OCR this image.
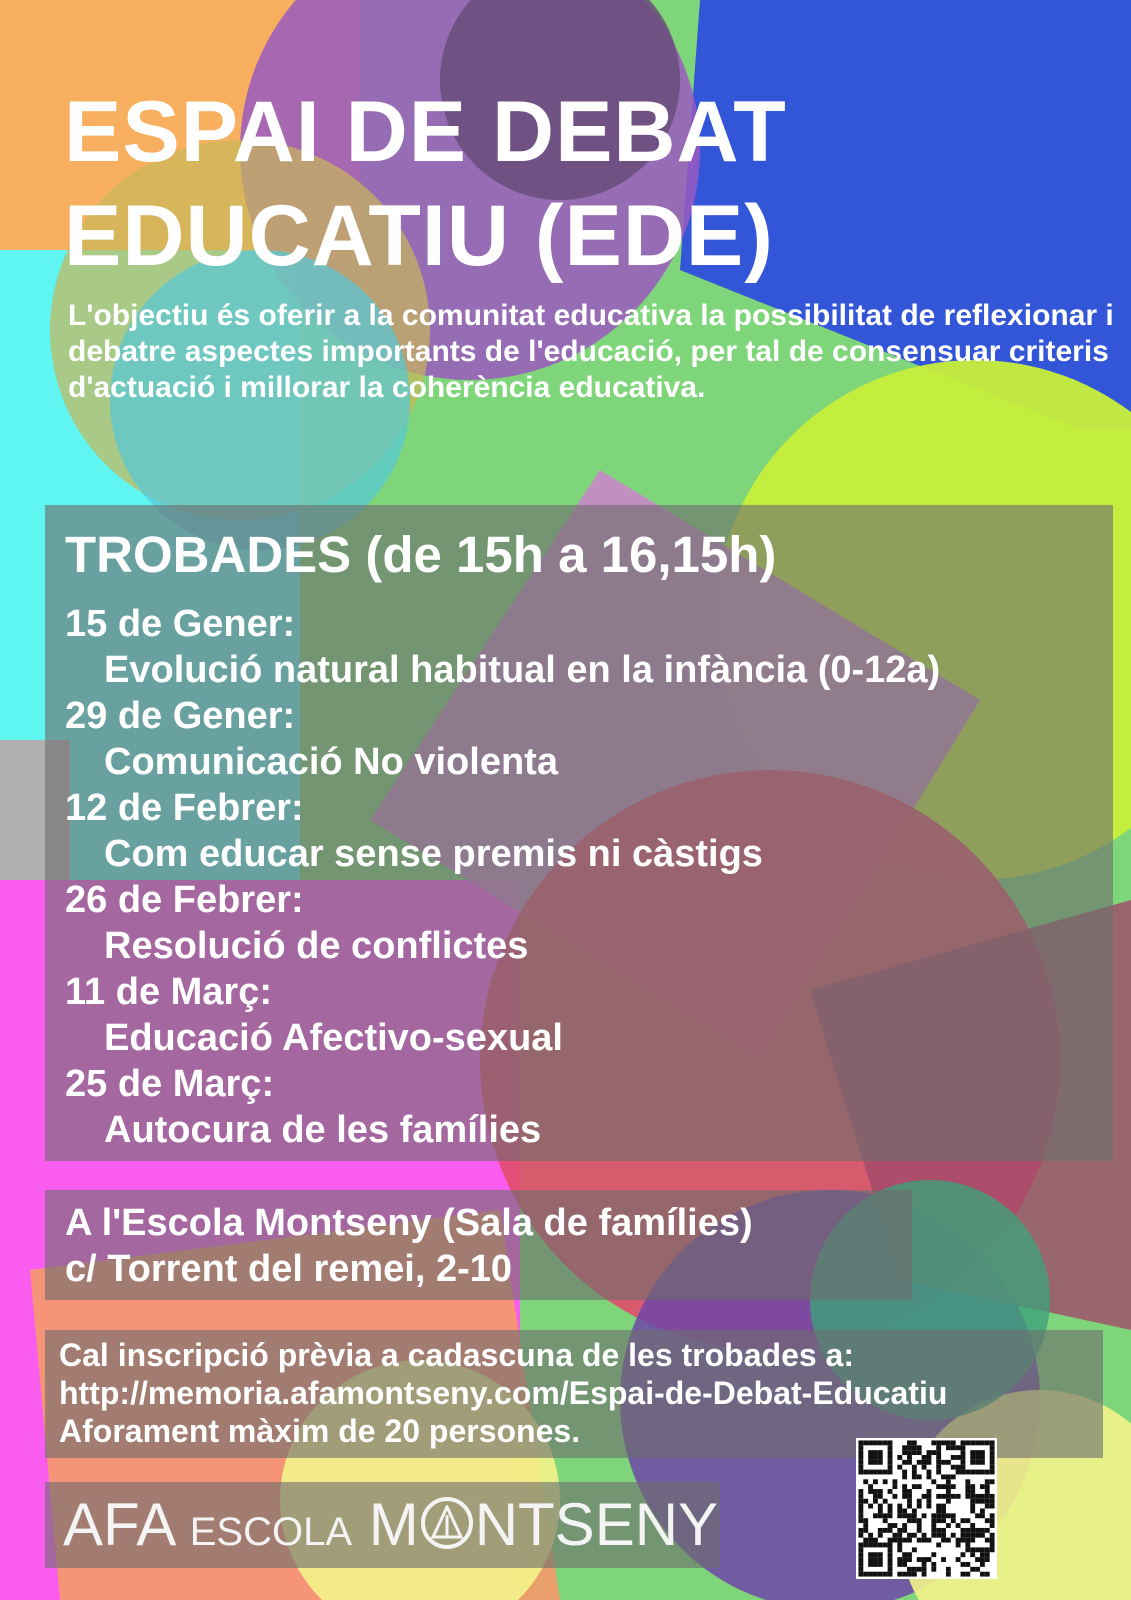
ESPAI DE DEBAT
EDUCATIU (EDE)

L'objectiu és oferir a la comunitat educativa la possibilitat de reflexionar i debatre aspectes importants de l'educació, per tal de consensuar criteris d'actuació i millorar la coherència educativa.

TROBADES (de 15h a 16,15h)
15 de Gener:
Evolució natural habitual en la infància (0-12a)
29 de Gener:
Comunicació No violenta
12 de Febrer:
Com educar sense premis ni càstigs
26 de Febrer:
Resolució de conflictes
11 de Març:
Educació Afectivo-sexual
25 de Març:
Autocura de les famílies

A l'Escola Montseny (Sala de famílies)
c/ Torrent del remei, 2-10

Cal inscripció prèvia a cadascuna de les trobades a:
http://memoria.afamontseny.com/Espai-de-Debat-Educatiu
Aforament màxim de 20 persones.

AFA ESCOLA M NTSENY
